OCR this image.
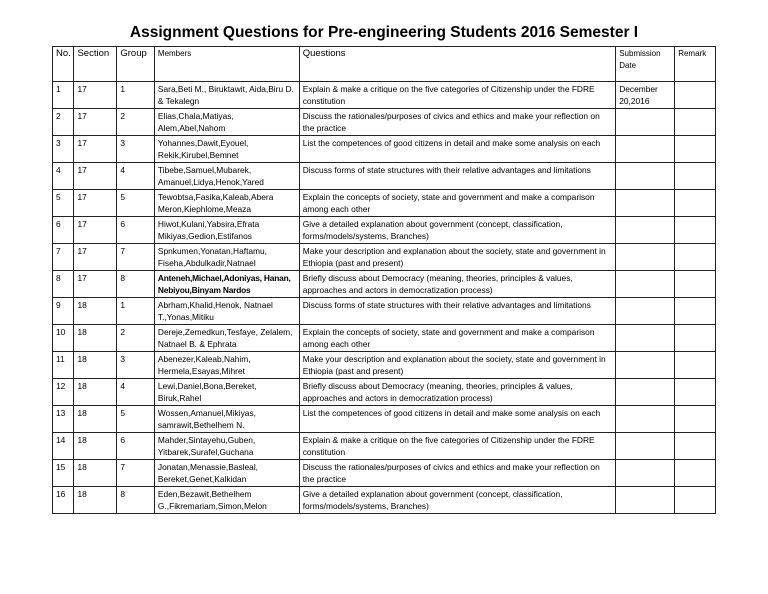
Assignment Questions for Pre-engineering Students 2016 Semester I
No.	Section	Group	Members	Questions	Submission Date	Remark
1	17	1	Sara,Beti M., Biruktawit, Aida,Biru D. & Tekalegn	Explain & make a critique on the five categories of Citizenship under the FDRE constitution	December 20,2016	
2	17	2	Elias,Chala,Matiyas, Alem,Abel,Nahom	Discuss the rationales/purposes of civics and ethics and make your reflection on the practice		
3	17	3	Yohannes,Dawit,Eyouel, Rekik,Kirubel,Bemnet	List the competences of good citizens in detail and make some analysis on each		
4	17	4	Tibebe,Samuel,Mubarek, Amanuel,Lidya,Henok,Yared	Discuss forms of state structures with their relative advantages and limitations		
5	17	5	Tewobtsa,Fasika,Kaleab,Abera Meron,Kiephlome,Meaza	Explain the concepts of society, state and government and make a comparison among each other		
6	17	6	Hiwot,Kulani,Yabsira,Efrata Mikiyas,Gedion,Estifanos	Give a detailed explanation about government (concept, classification, forms/models/systems, Branches)		
7	17	7	Spnkumen,Yonatan,Haftamu, Fiseha,Abdulkadir,Natnael	Make your description and explanation about the society, state and government in Ethiopia (past and present)		
8	17	8	Anteneh,Michael,Adoniyas, Hanan, Nebiyou,Binyam Nardos	Briefly discuss about Democracy (meaning, theories, principles & values, approaches and actors in democratization process)		
9	18	1	Abrham,Khalid,Henok, Natnael T.,Yonas,Mitiku	Discuss forms of state structures with their relative advantages and limitations		
10	18	2	Dereje,Zemedkun,Tesfaye, Zelalem, Natnael B. & Ephrata	Explain the concepts of society, state and government and make a comparison among each other		
11	18	3	Abenezer,Kaleab,Nahim, Hermela,Esayas,Mihret	Make your description and explanation about the society, state and government in Ethiopia (past and present)		
12	18	4	Lewi,Daniel,Bona,Bereket, Biruk,Rahel	Briefly discuss about Democracy (meaning, theories, principles & values, approaches and actors in democratization process)		
13	18	5	Wossen,Amanuel,Mikiyas, samrawit,Bethelhem N.	List the competences of good citizens in detail and make some analysis on each		
14	18	6	Mahder,Sintayehu,Guben, Yitbarek,Surafel,Guchana	Explain & make a critique on the five categories of Citizenship under the FDRE constitution		
15	18	7	Jonatan,Menassie,Basleal, Bereket,Genet,Kalkidan	Discuss the rationales/purposes of civics and ethics and make your reflection on the practice		
16	18	8	Eden,Bezawit,Bethelhem G.,Fikremariam,Simon,Melon	Give a detailed explanation about government (concept, classification, forms/models/systems, Branches)		
